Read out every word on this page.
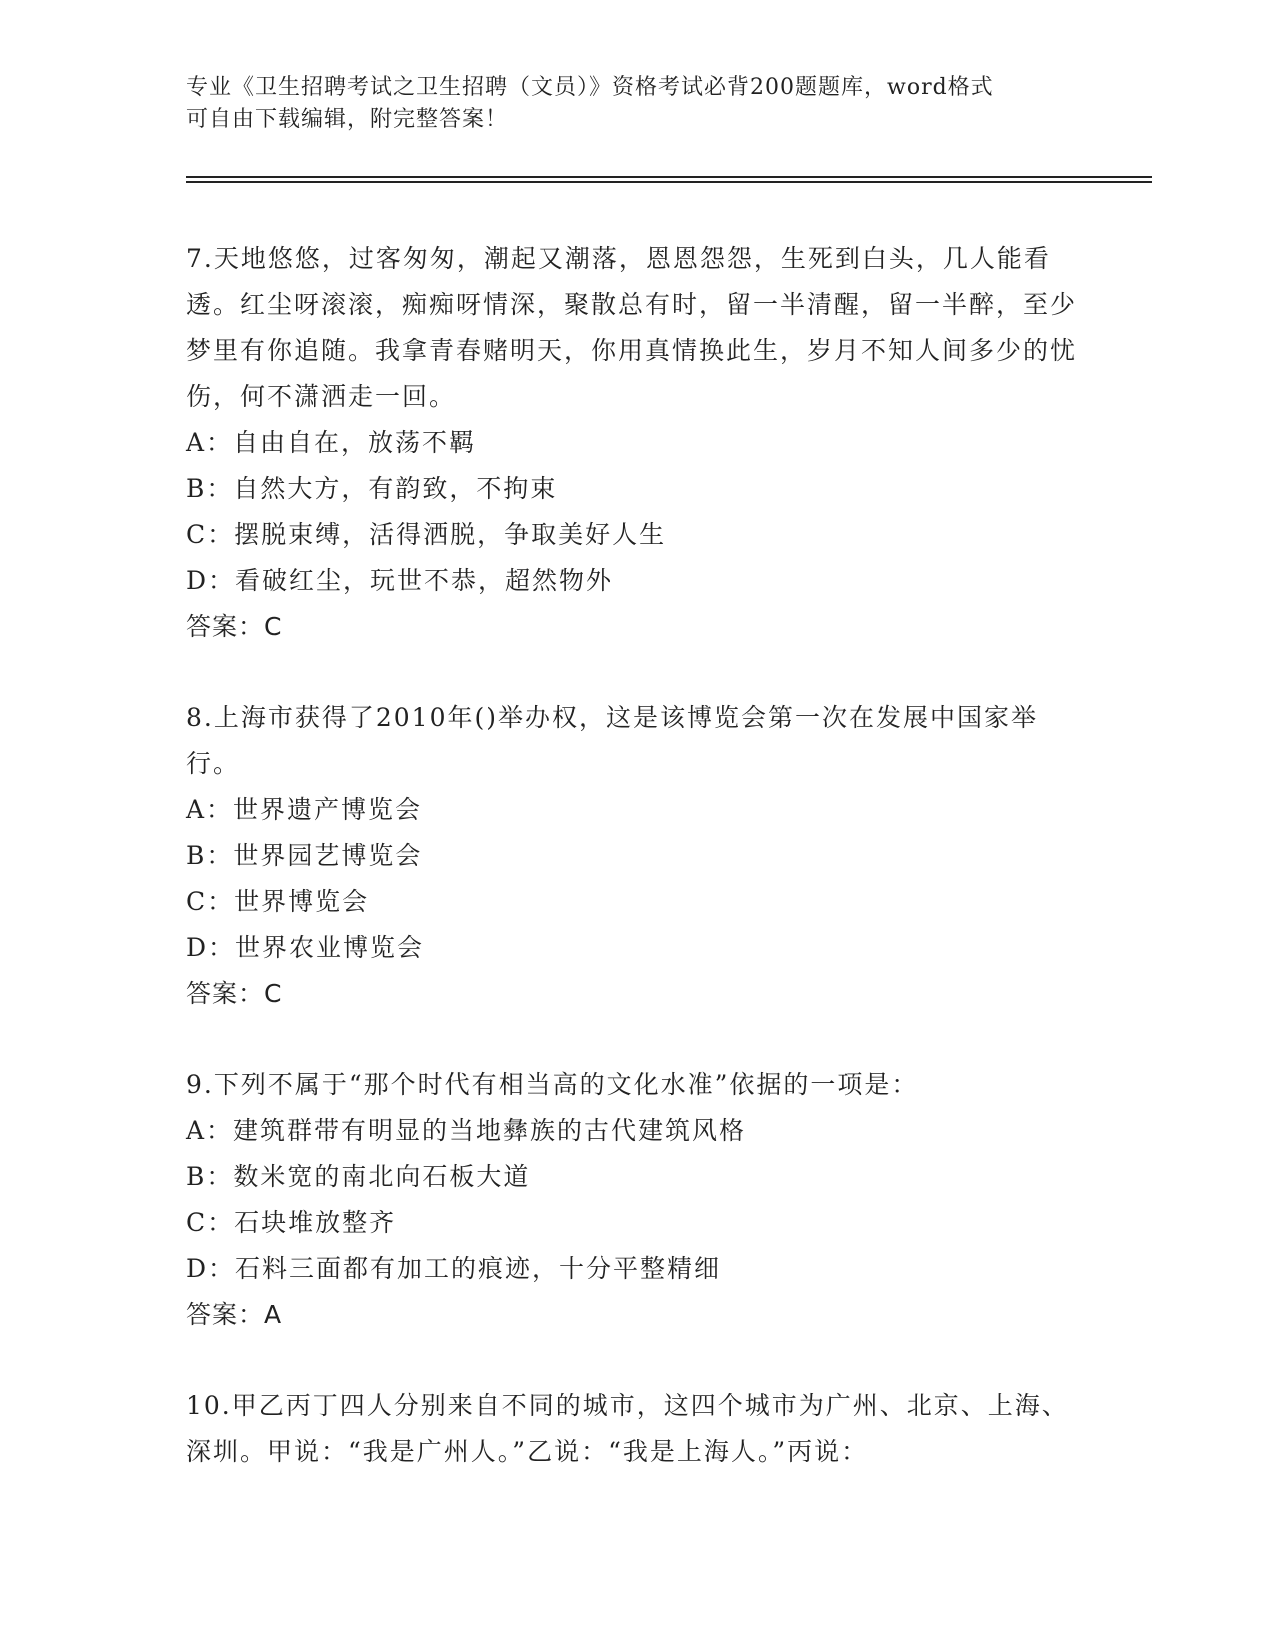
专业《卫生招聘考试之卫生招聘（文员）》资格考试必背200题题库，word格式
可自由下载编辑，附完整答案！

7.天地悠悠，过客匆匆，潮起又潮落，恩恩怨怨，生死到白头，几人能看透。红尘呀滚滚，痴痴呀情深，聚散总有时，留一半清醒，留一半醉，至少梦里有你追随。我拿青春赌明天，你用真情换此生，岁月不知人间多少的忧伤，何不潇洒走一回。

A：自由自在，放荡不羁

B：自然大方，有韵致，不拘束

C：摆脱束缚，活得洒脱，争取美好人生

D：看破红尘，玩世不恭，超然物外

答案：C

8.上海市获得了2010年()举办权，这是该博览会第一次在发展中国家举行。

A：世界遗产博览会

B：世界园艺博览会

C：世界博览会

D：世界农业博览会

答案：C

9.下列不属于“那个时代有相当高的文化水准”依据的一项是：

A：建筑群带有明显的当地彝族的古代建筑风格

B：数米宽的南北向石板大道

C：石块堆放整齐

D：石料三面都有加工的痕迹，十分平整精细

答案：A

10.甲乙丙丁四人分别来自不同的城市，这四个城市为广州、北京、上海、深圳。甲说：“我是广州人。”乙说：“我是上海人。”丙说：
